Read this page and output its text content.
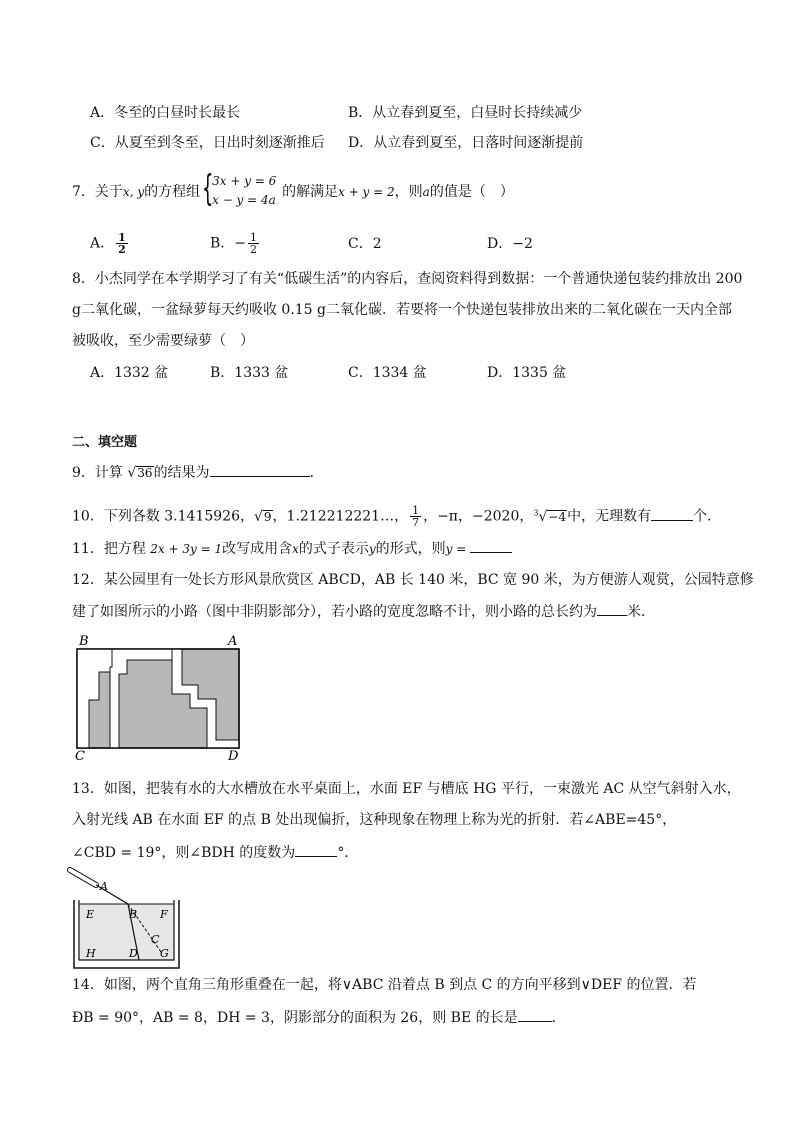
A．冬至的白昼时长最长	B．从立春到夏至，白昼时长持续减少
C．从夏至到冬至，日出时刻逐渐推后 D．从立春到夏至，日落时间逐渐提前
7．关于x, y的方程组 {
3x + y = 6
x − y = 4a 的解满足x + y = 2，则a的值是（　）
A． $\frac{1}{2}$	B．− $\frac{1}{2}$	C．2	D．−2
8．小杰同学在本学期学习了有关“低碳生活”的内容后，查阅资料得到数据：一个普通快递包装约排放出 200
g二氧化碳，一盆绿萝每天约吸收 0.15 g二氧化碳．若要将一个快递包装排放出来的二氧化碳在一天内全部
被吸收，至少需要绿萝（　）
A．1332 盆	B．1333 盆	C．1334 盆	D．1335 盆
二、填空题
9．计算 √36的结果为	．
10．下列各数 3.1415926，√9，1.212212221…， $\frac{1}{7}$ ，−π，−2020，$^3$√−4中，无理数有	个．
11．把方程 2x + 3y = 1改写成用含x的式子表示y的形式，则y =
12．某公园里有一处长方形风景欣赏区 ABCD，AB 长 140 米，BC 宽 90 米，为方便游人观赏，公园特意修
建了如图所示的小路（图中非阴影部分），若小路的宽度忽略不计，则小路的总长约为 米．
B	A
C	D
13．如图，把装有水的大水槽放在水平桌面上，水面 EF 与槽底 HG 平行，一束激光 AC 从空气斜射入水，
入射光线 AB 在水面 EF 的点 B 处出现偏折，这种现象在物理上称为光的折射．若∠ABE=45°，
∠CBD = 19°，则∠BDH 的度数为	°．
A
E	B F
C
H	D G
14．如图，两个直角三角形重叠在一起，将∨ABC 沿着点 B 到点 C 的方向平移到∨DEF 的位置．若
ÐB = 90°，AB = 8，DH = 3，阴影部分的面积为 26，则 BE 的长是 ．
